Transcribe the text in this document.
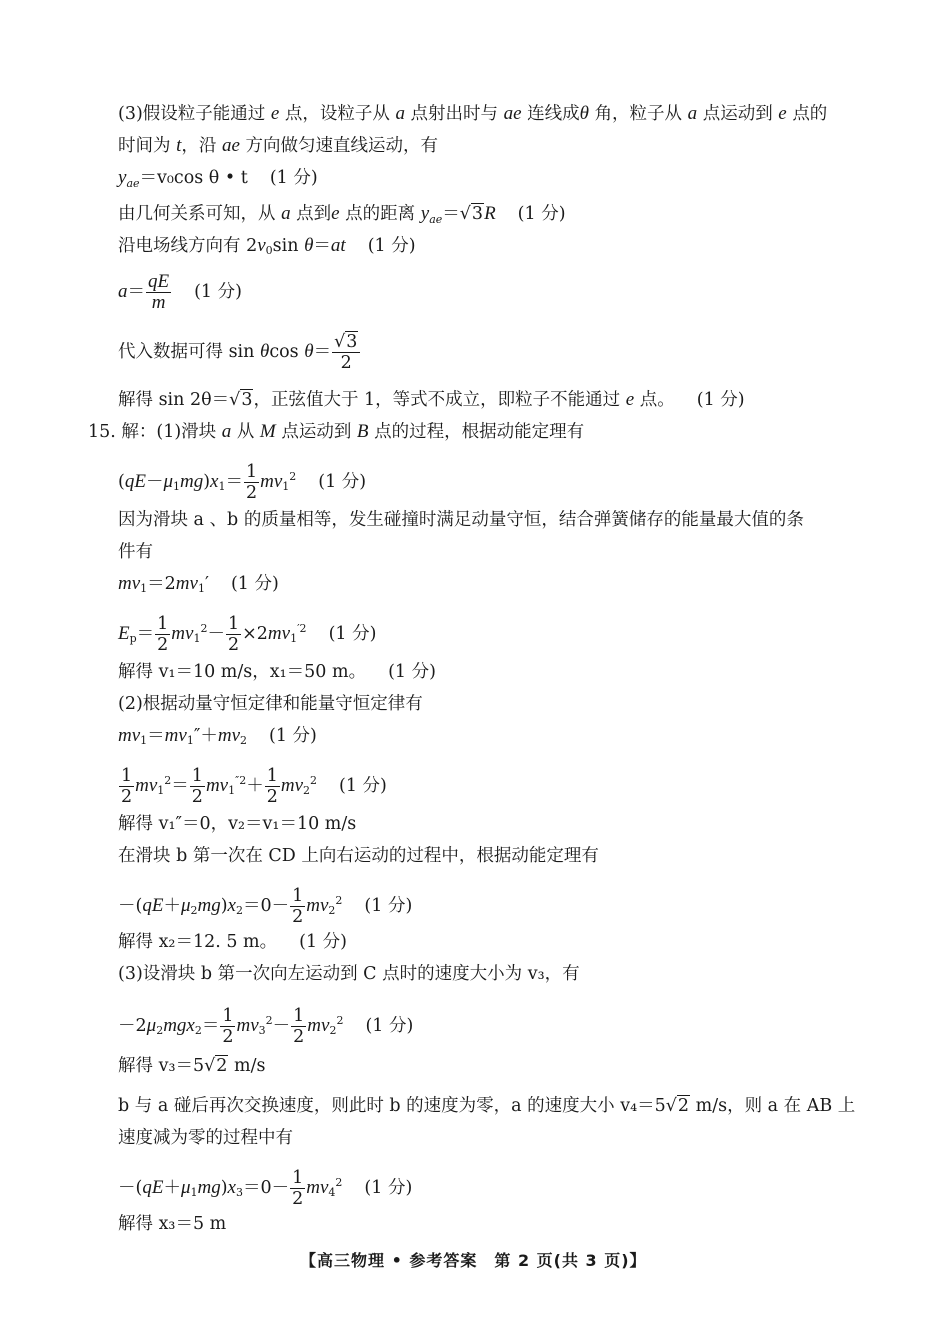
(3)假设粒子能通过 e 点，设粒子从 a 点射出时与 ae 连线成θ 角，粒子从 a 点运动到 e 点的
时间为 t，沿 ae 方向做匀速直线运动，有
$y_{ae}=v_0\cos$ θ • t (1 分)
由几何关系可知，从 a 点到e 点的距离 $y_{ae}=√3R$ (1 分)
沿电场线方向有 $2v_0\sin$ θ＝at (1 分)
$a= \frac{qE}{m} (1$ 分)
代入数据可得 sin θcos $\theta= \frac{√3}{2}$
解得 sin 2θ＝√3，正弦值大于 1，等式不成立，即粒子不能通过 e 点。 (1 分)
15. 解：(1)滑块 a 从 M 点运动到 B 点的过程，根据动能定理有
$(qE-\mu_1mg)x_1= \frac{1}{2} mv_1^2$ (1 分)
因为滑块 a 、b 的质量相等，发生碰撞时满足动量守恒，结合弹簧储存的能量最大值的条
件有
$mv_1=2mv_1'$ (1 分)
$E_p= \frac{1}{2} mv_1^2- \frac{1}{2} \times 2mv_1^{'2}$ (1 分)
解得 v₁＝10 m/s，x₁＝50 m。 (1 分)
(2)根据动量守恒定律和能量守恒定律有
$mv_1=mv_1''+mv_2$ (1 分)
$\frac{1}{2} mv_1^2= \frac{1}{2} mv_1^{''2}+ \frac{1}{2} mv_2^2$ (1 分)
解得 v₁″＝0，v₂＝v₁＝10 m/s
在滑块 b 第一次在 CD 上向右运动的过程中，根据动能定理有
$-(qE+\mu_2mg)x_2=0- \frac{1}{2} mv_2^2$ (1 分)
解得 x₂＝12. 5 m。 (1 分)
(3)设滑块 b 第一次向左运动到 C 点时的速度大小为 v₃，有
$-2\mu_2mgx_2= \frac{1}{2} mv_3^2- \frac{1}{2} mv_2^2$ (1 分)
解得 v₃＝5√2 m/s
b 与 a 碰后再次交换速度，则此时 b 的速度为零，a 的速度大小 v₄＝5√2 m/s，则 a 在 AB 上
速度减为零的过程中有
$-(qE+\mu_1mg)x_3=0- \frac{1}{2} mv_4^2$ (1 分)
解得 x₃＝5 m
【高三物理 • 参考答案　第 2 页(共 3 页)】
